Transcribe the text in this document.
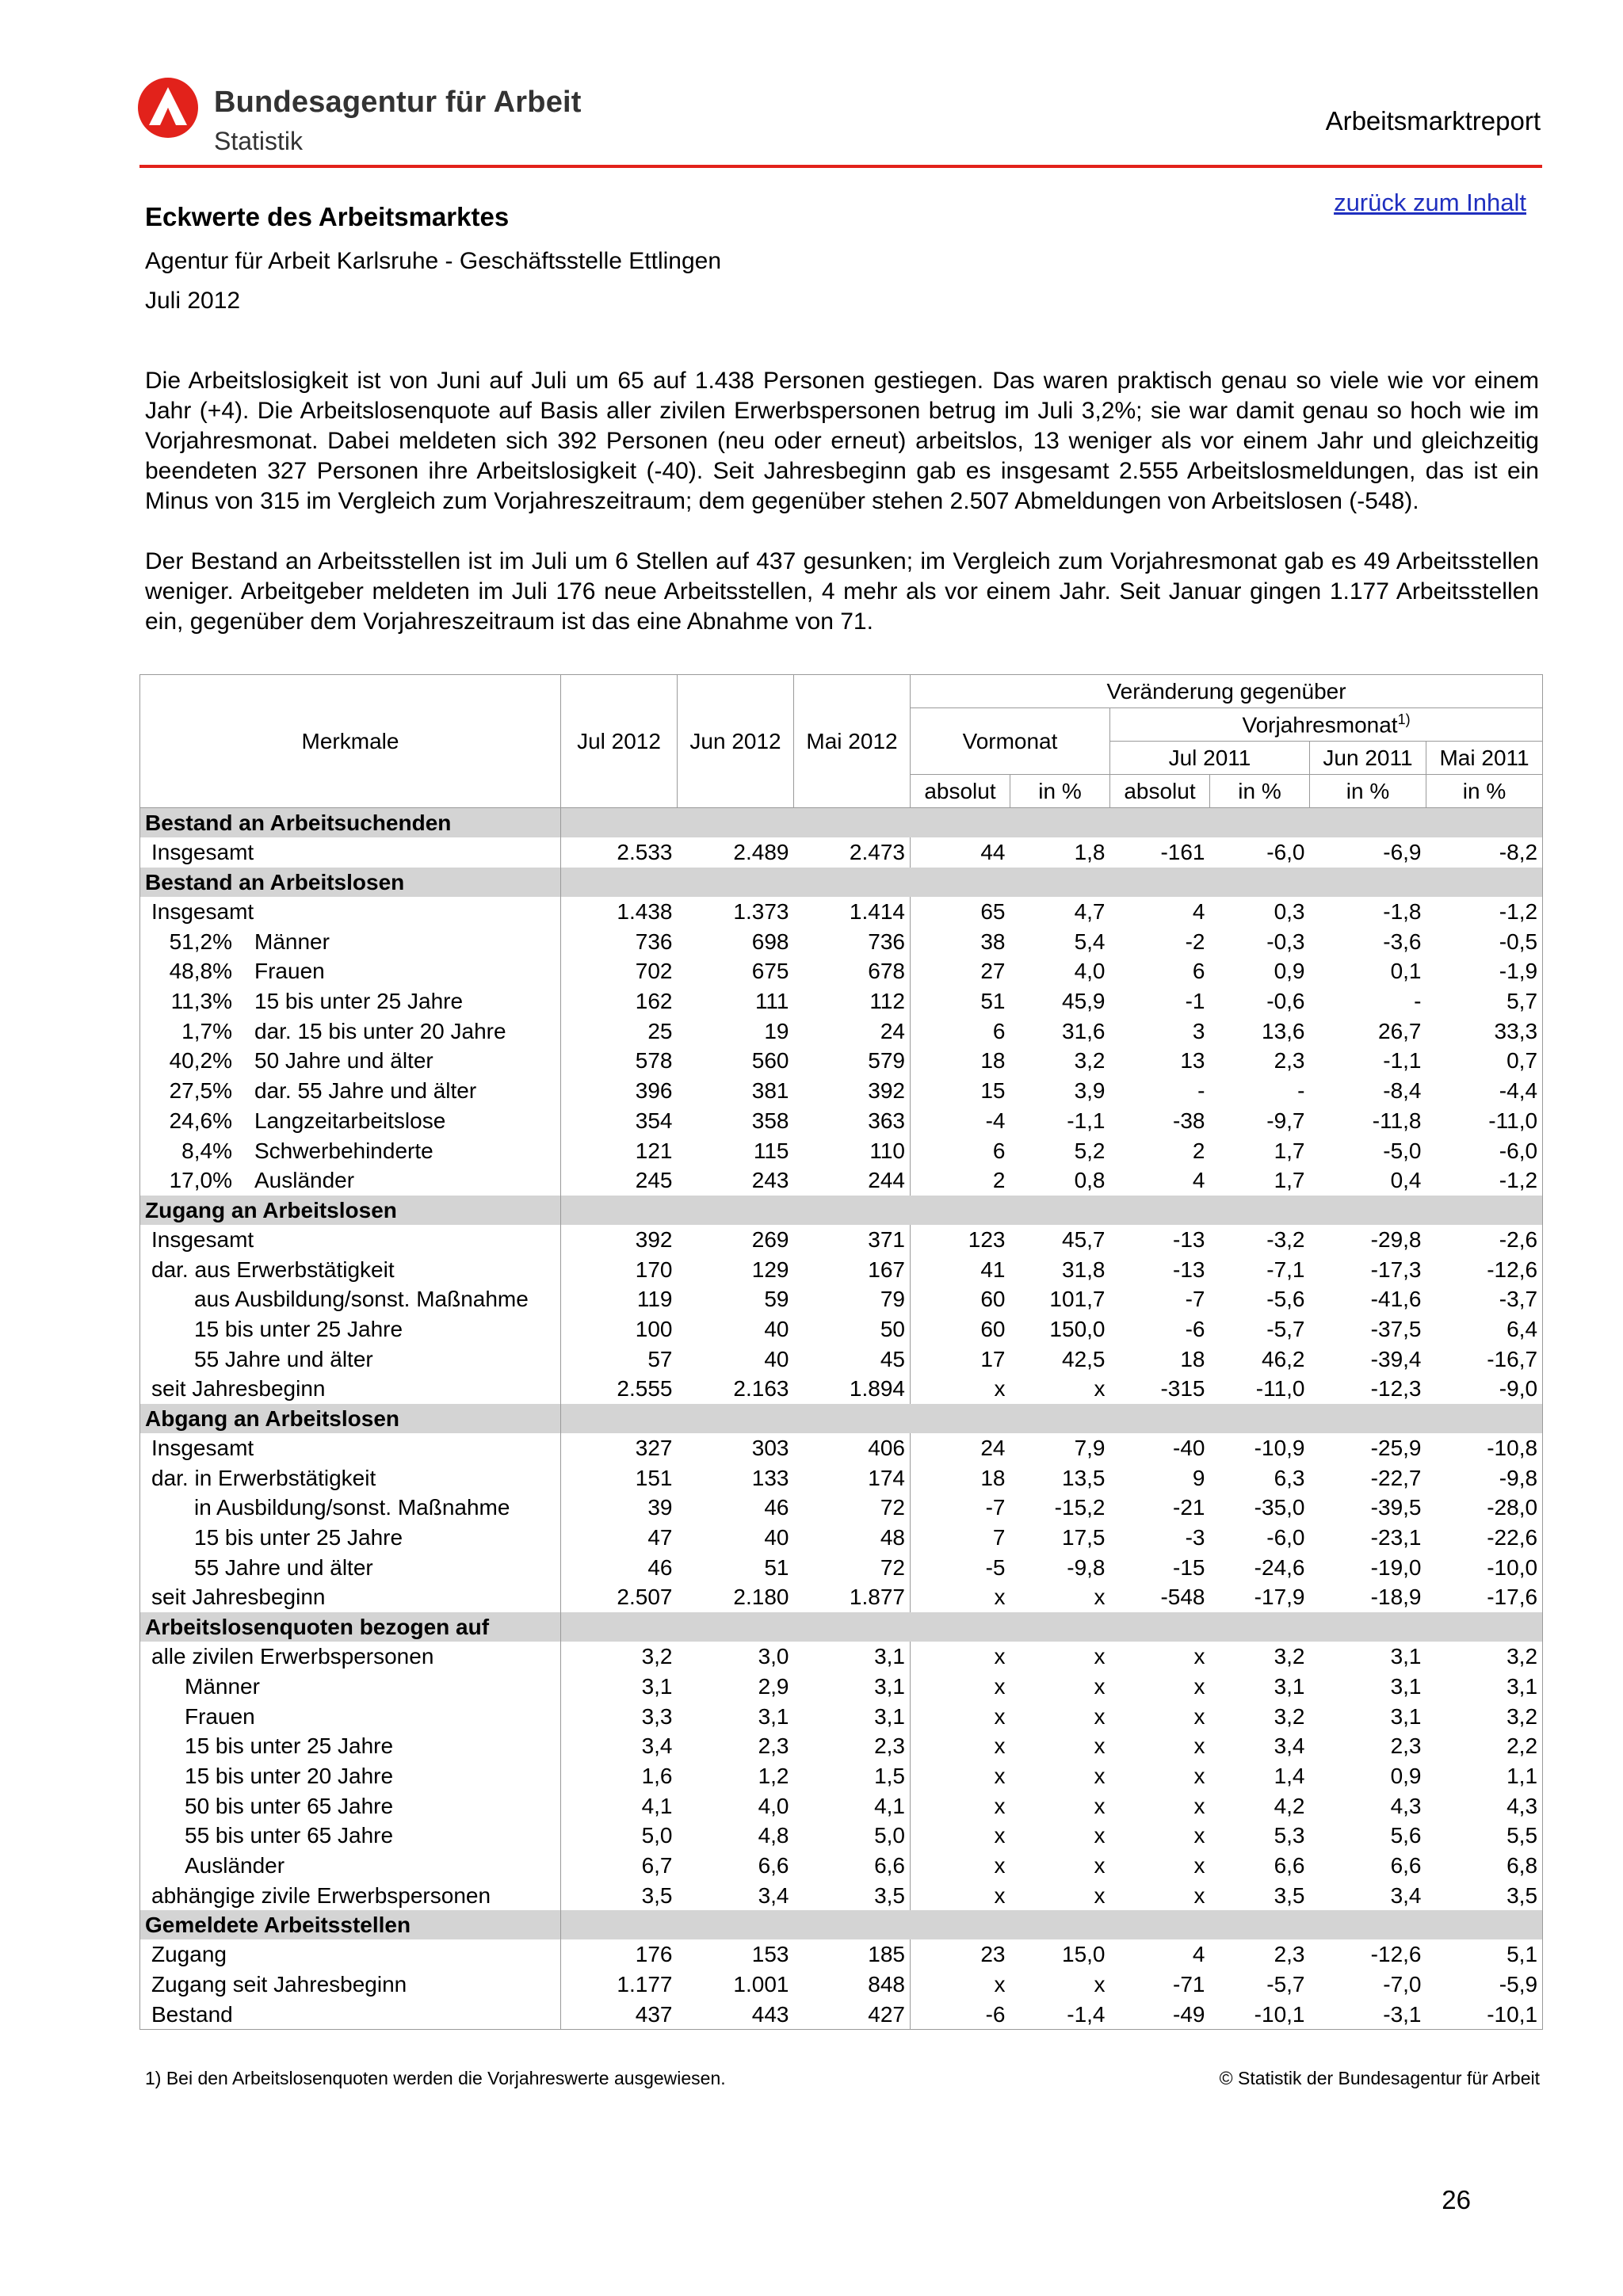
Bundesagentur für Arbeit
Statistik
Arbeitsmarktreport
zurück zum Inhalt
Eckwerte des Arbeitsmarktes
Agentur für Arbeit Karlsruhe - Geschäftsstelle Ettlingen
Juli 2012

Die Arbeitslosigkeit ist von Juni auf Juli um 65 auf 1.438 Personen gestiegen. Das waren praktisch genau so viele wie vor einem Jahr (+4). Die Arbeitslosenquote auf Basis aller zivilen Erwerbspersonen betrug im Juli 3,2%; sie war damit genau so hoch wie im Vorjahresmonat. Dabei meldeten sich 392 Personen (neu oder erneut) arbeitslos, 13 weniger als vor einem Jahr und gleichzeitig beendeten 327 Personen ihre Arbeitslosigkeit (-40). Seit Jahresbeginn gab es insgesamt 2.555 Arbeitslosmeldungen, das ist ein Minus von 315 im Vergleich zum Vorjahreszeitraum; dem gegenüber stehen 2.507 Abmeldungen von Arbeitslosen (-548).

Der Bestand an Arbeitsstellen ist im Juli um 6 Stellen auf 437 gesunken; im Vergleich zum Vorjahresmonat gab es 49 Arbeitsstellen weniger. Arbeitgeber meldeten im Juli 176 neue Arbeitsstellen, 4 mehr als vor einem Jahr. Seit Januar gingen 1.177 Arbeitsstellen ein, gegenüber dem Vorjahreszeitraum ist das eine Abnahme von 71.

Merkmale	Jul 2012	Jun 2012	Mai 2012	Veränderung gegenüber					
				Vormonat		Vorjahresmonat$^{1)}$
						Jul 2011		Jun 2011	Mai 2011
				absolut	in %	absolut	in %	in %	in %
Bestand an Arbeitsuchenden									
Insgesamt	2.533	2.489	2.473	44	1,8	-161	-6,0	-6,9	-8,2
Bestand an Arbeitslosen									
Insgesamt	1.438	1.373	1.414	65	4,7	4	0,3	-1,8	-1,2
51,2% Männer	736	698	736	38	5,4	-2	-0,3	-3,6	-0,5
48,8% Frauen	702	675	678	27	4,0	6	0,9	0,1	-1,9
11,3% 15 bis unter 25 Jahre	162	111	112	51	45,9	-1	-0,6	-	5,7
1,7% dar. 15 bis unter 20 Jahre	25	19	24	6	31,6	3	13,6	26,7	33,3
40,2% 50 Jahre und älter	578	560	579	18	3,2	13	2,3	-1,1	0,7
27,5% dar. 55 Jahre und älter	396	381	392	15	3,9	-	-	-8,4	-4,4
24,6% Langzeitarbeitslose	354	358	363	-4	-1,1	-38	-9,7	-11,8	-11,0
8,4% Schwerbehinderte	121	115	110	6	5,2	2	1,7	-5,0	-6,0
17,0% Ausländer	245	243	244	2	0,8	4	1,7	0,4	-1,2
Zugang an Arbeitslosen									
Insgesamt	392	269	371	123	45,7	-13	-3,2	-29,8	-2,6
dar. aus Erwerbstätigkeit	170	129	167	41	31,8	-13	-7,1	-17,3	-12,6
aus Ausbildung/sonst. Maßnahme	119	59	79	60	101,7	-7	-5,6	-41,6	-3,7
15 bis unter 25 Jahre	100	40	50	60	150,0	-6	-5,7	-37,5	6,4
55 Jahre und älter	57	40	45	17	42,5	18	46,2	-39,4	-16,7
seit Jahresbeginn	2.555	2.163	1.894	x	x	-315	-11,0	-12,3	-9,0
Abgang an Arbeitslosen									
Insgesamt	327	303	406	24	7,9	-40	-10,9	-25,9	-10,8
dar. in Erwerbstätigkeit	151	133	174	18	13,5	9	6,3	-22,7	-9,8
in Ausbildung/sonst. Maßnahme	39	46	72	-7	-15,2	-21	-35,0	-39,5	-28,0
15 bis unter 25 Jahre	47	40	48	7	17,5	-3	-6,0	-23,1	-22,6
55 Jahre und älter	46	51	72	-5	-9,8	-15	-24,6	-19,0	-10,0
seit Jahresbeginn	2.507	2.180	1.877	x	x	-548	-17,9	-18,9	-17,6
Arbeitslosenquoten bezogen auf									
alle zivilen Erwerbspersonen	3,2	3,0	3,1	x	x	x	3,2	3,1	3,2
Männer	3,1	2,9	3,1	x	x	x	3,1	3,1	3,1
Frauen	3,3	3,1	3,1	x	x	x	3,2	3,1	3,2
15 bis unter 25 Jahre	3,4	2,3	2,3	x	x	x	3,4	2,3	2,2
15 bis unter 20 Jahre	1,6	1,2	1,5	x	x	x	1,4	0,9	1,1
50 bis unter 65 Jahre	4,1	4,0	4,1	x	x	x	4,2	4,3	4,3
55 bis unter 65 Jahre	5,0	4,8	5,0	x	x	x	5,3	5,6	5,5
Ausländer	6,7	6,6	6,6	x	x	x	6,6	6,6	6,8
abhängige zivile Erwerbspersonen	3,5	3,4	3,5	x	x	x	3,5	3,4	3,5
Gemeldete Arbeitsstellen									
Zugang	176	153	185	23	15,0	4	2,3	-12,6	5,1
Zugang seit Jahresbeginn	1.177	1.001	848	x	x	-71	-5,7	-7,0	-5,9
Bestand	437	443	427	-6	-1,4	-49	-10,1	-3,1	-10,1
1) Bei den Arbeitslosenquoten werden die Vorjahreswerte ausgewiesen.	© Statistik der Bundesagentur für Arbeit
26
